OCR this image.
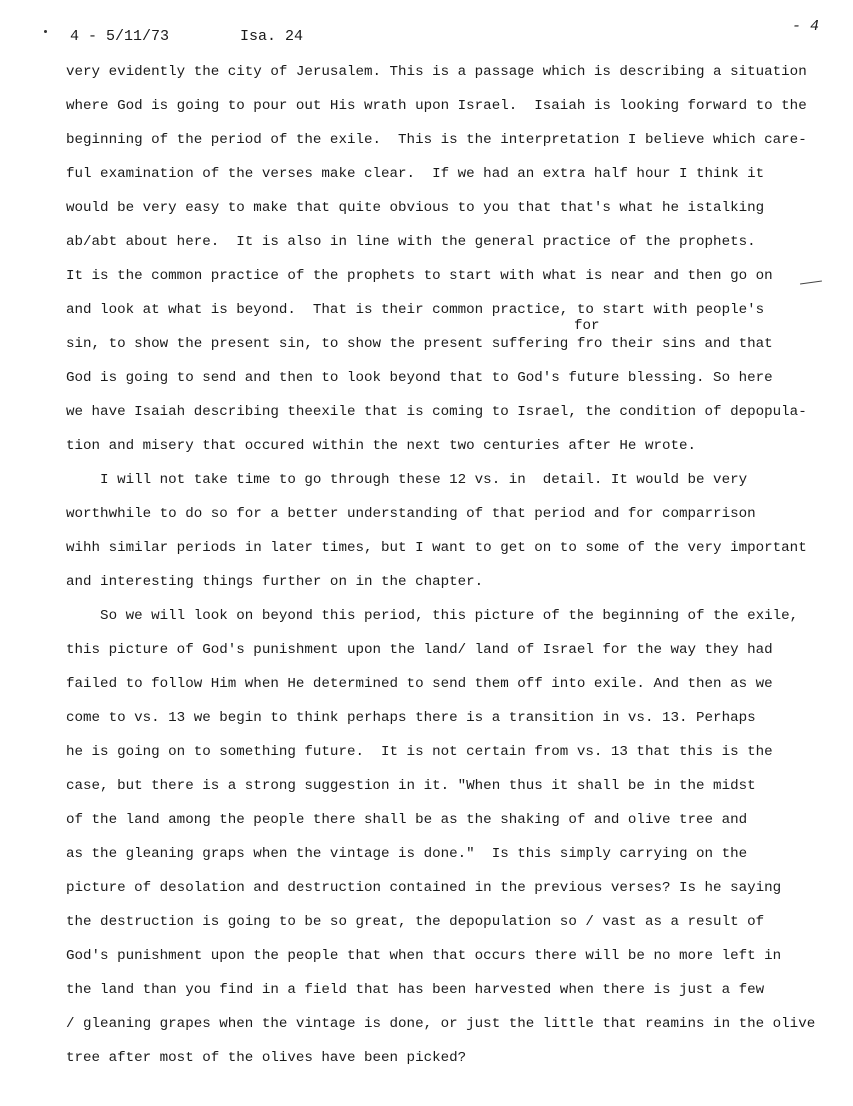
4 - 5/11/73	Isa. 24
- 4
for
very evidently the city of Jerusalem. This is a passage which is describing a situation
where God is going to pour out His wrath upon Israel.  Isaiah is looking forward to the
beginning of the period of the exile.  This is the interpretation I believe which care-
ful examination of the verses make clear.  If we had an extra half hour I think it
would be very easy to make that quite obvious to you that that's what he istalking
ab/abt about here.  It is also in line with the general practice of the prophets.
It is the common practice of the prophets to start with what is near and then go on
and look at what is beyond.  That is their common practice, to start with people's
sin, to show the present sin, to show the present suffering fro their sins and that
God is going to send and then to look beyond that to God's future blessing. So here
we have Isaiah describing theexile that is coming to Israel, the condition of depopula-
tion and misery that occured within the next two centuries after He wrote.
I will not take time to go through these 12 vs. in  detail. It would be very
worthwhile to do so for a better understanding of that period and for comparrison
wihh similar periods in later times, but I want to get on to some of the very important
and interesting things further on in the chapter.
So we will look on beyond this period, this picture of the beginning of the exile,
this picture of God's punishment upon the land/ land of Israel for the way they had
failed to follow Him when He determined to send them off into exile. And then as we
come to vs. 13 we begin to think perhaps there is a transition in vs. 13. Perhaps
he is going on to something future.  It is not certain from vs. 13 that this is the
case, but there is a strong suggestion in it. "When thus it shall be in the midst
of the land among the people there shall be as the shaking of and olive tree and
as the gleaning graps when the vintage is done."  Is this simply carrying on the
picture of desolation and destruction contained in the previous verses? Is he saying
the destruction is going to be so great, the depopulation so / vast as a result of
God's punishment upon the people that when that occurs there will be no more left in
the land than you find in a field that has been harvested when there is just a few
/ gleaning grapes when the vintage is done, or just the little that reamins in the olive
tree after most of the olives have been picked?
